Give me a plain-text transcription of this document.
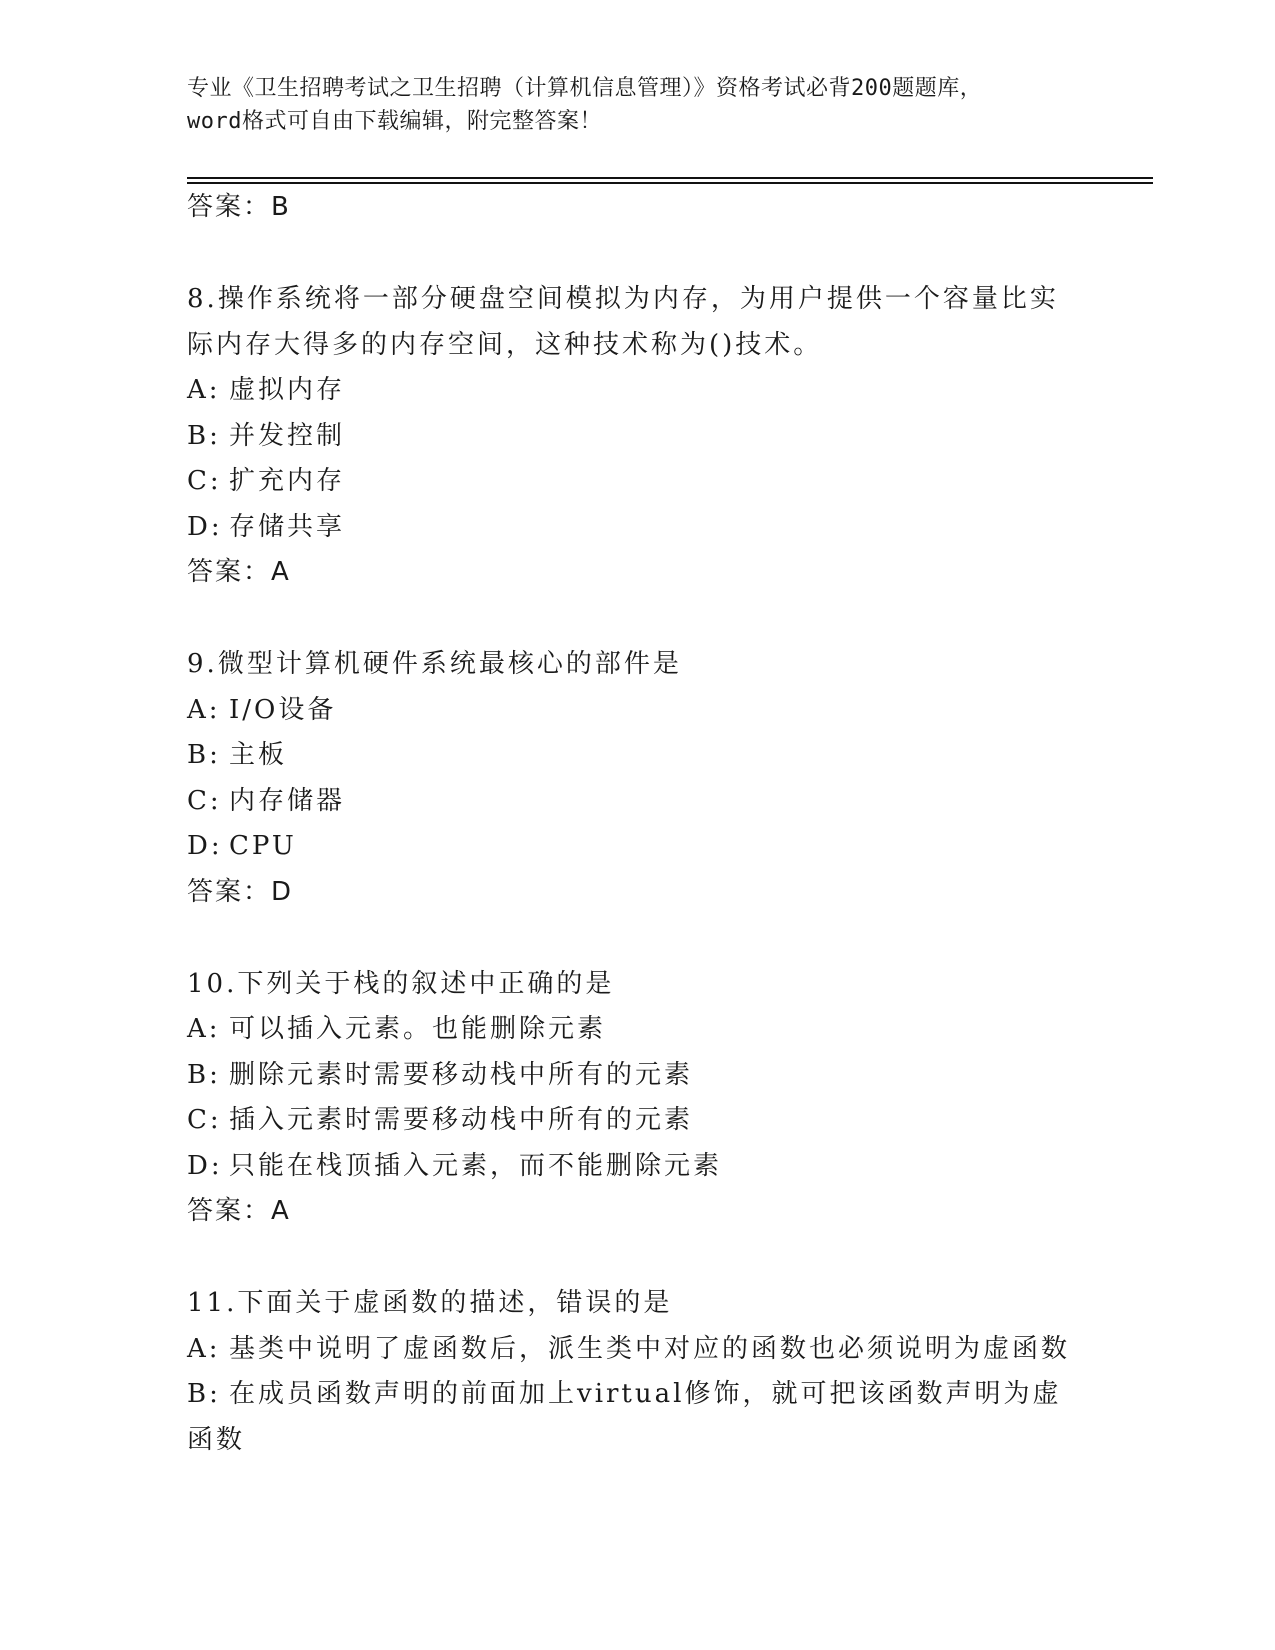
专业《卫生招聘考试之卫生招聘（计算机信息管理）》资格考试必背200题题库，
word格式可自由下载编辑，附完整答案！
答案：B
8.操作系统将一部分硬盘空间模拟为内存，为用户提供一个容量比实
际内存大得多的内存空间，这种技术称为()技术。
A: 虚拟内存
B: 并发控制
C: 扩充内存
D: 存储共享
答案：A
9.微型计算机硬件系统最核心的部件是
A: I/O设备
B: 主板
C: 内存储器
D: CPU
答案：D
10.下列关于栈的叙述中正确的是
A: 可以插入元素。也能删除元素
B: 删除元素时需要移动栈中所有的元素
C: 插入元素时需要移动栈中所有的元素
D: 只能在栈顶插入元素，而不能删除元素
答案：A
11.下面关于虚函数的描述，错误的是
A: 基类中说明了虚函数后，派生类中对应的函数也必须说明为虚函数
B: 在成员函数声明的前面加上virtual修饰，就可把该函数声明为虚
函数
